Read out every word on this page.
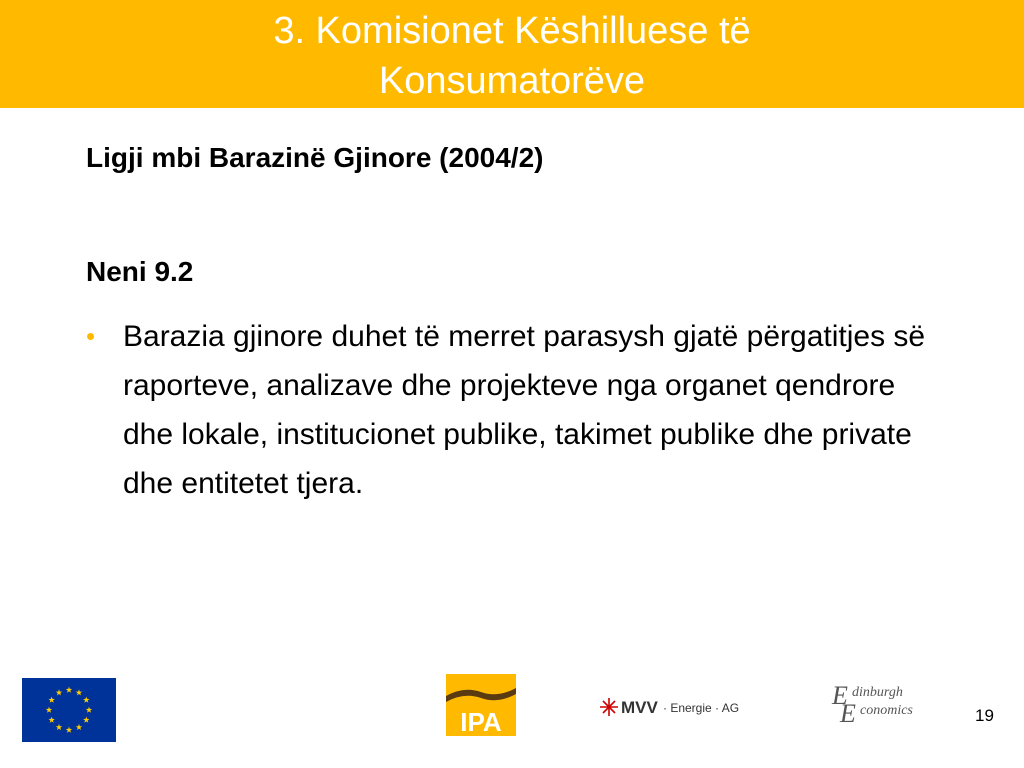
3. Komisionet Këshilluese të
Konsumatorëve
Ligji mbi Barazinë Gjinore (2004/2)
Neni 9.2
• Barazia gjinore duhet të merret parasysh gjatë përgatitjes së raporteve, analizave dhe projekteve nga organet qendrore dhe lokale, institucionet publike, takimet publike dhe private dhe entitetet tjera.
IPA	MVV · Energie · AG	E
E
dinburgh
conomics	19
